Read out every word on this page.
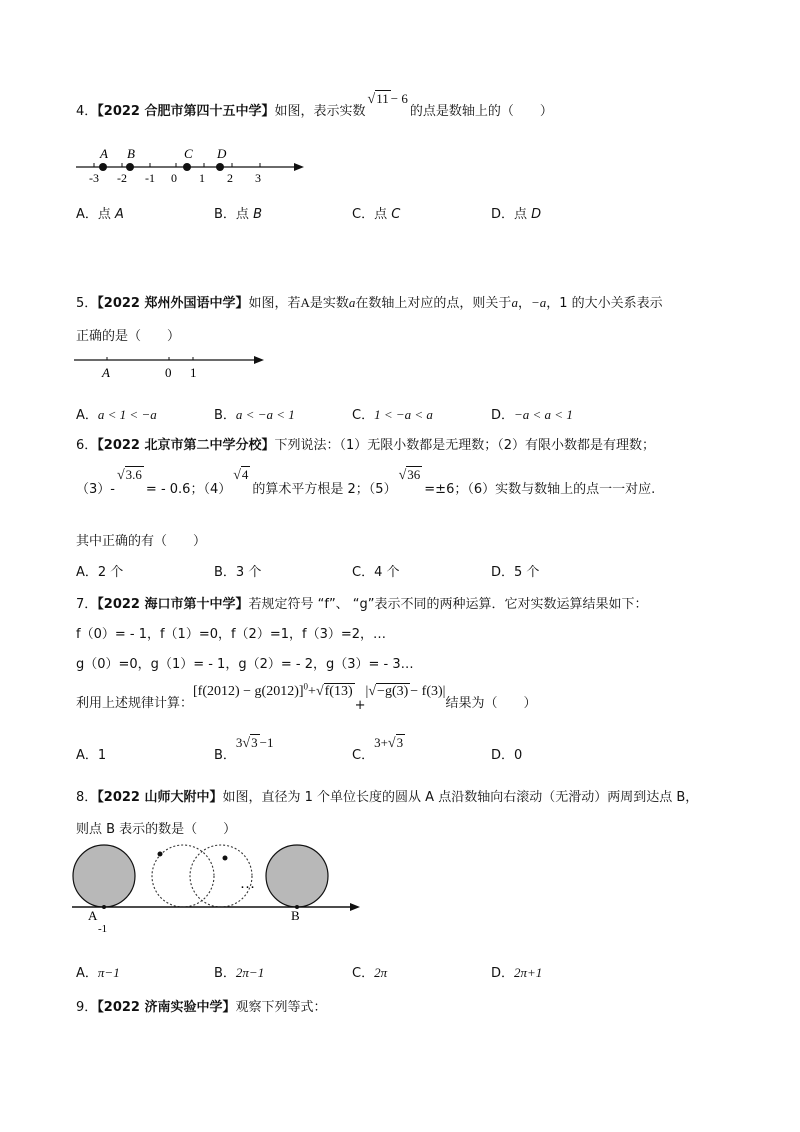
4．【2022 合肥市第四十五中学】如图，表示实数√11 − 6的点是数轴上的（　　）
-3 -2 -1 0 1 2 3
A B	C D
A．点 A	B．点 B	C．点 C	D．点 D
5．【2022 郑州外国语中学】如图，若A是实数a在数轴上对应的点，则关于a，−a，1 的大小关系表示
正确的是（　　）
A	0 1
A．a < 1 < −a	B．a < −a < 1	C．1 < −a < a	D．−a < a < 1
6．【2022 北京市第二中学分校】下列说法：（1）无限小数都是无理数；（2）有限小数都是有理数；
（3）-√3.6= - 0.6；（4）√4的算术平方根是 2；（5）√36=±6；（6）实数与数轴上的点一一对应.
其中正确的有（　　）
A．2 个	B．3 个	C．4 个	D．5 个
7．【2022 海口市第十中学】若规定符号 “f”、 “g”表示不同的两种运算．它对实数运算结果如下：
f（0）= - 1，f（1）=0，f（2）=1，f（3）=2，…
g（0）=0，g（1）= - 1，g（2）= - 2，g（3）= - 3…
利用上述规律计算：$[f(2012) - g(2012)]^0+√f(13)+|√-g(3) - f(3)|$结果为（　　）
A．1	B．3√3 −1
C．3+√3
D．0
8．【2022 山师大附中】如图，直径为 1 个单位长度的圆从 A 点沿数轴向右滚动（无滑动）两周到达点 B，
则点 B 表示的数是（　　）
…
A
-1
B
A．π−1	B．2π−1	C．2π	D．2π+1
9．【2022 济南实验中学】观察下列等式：
